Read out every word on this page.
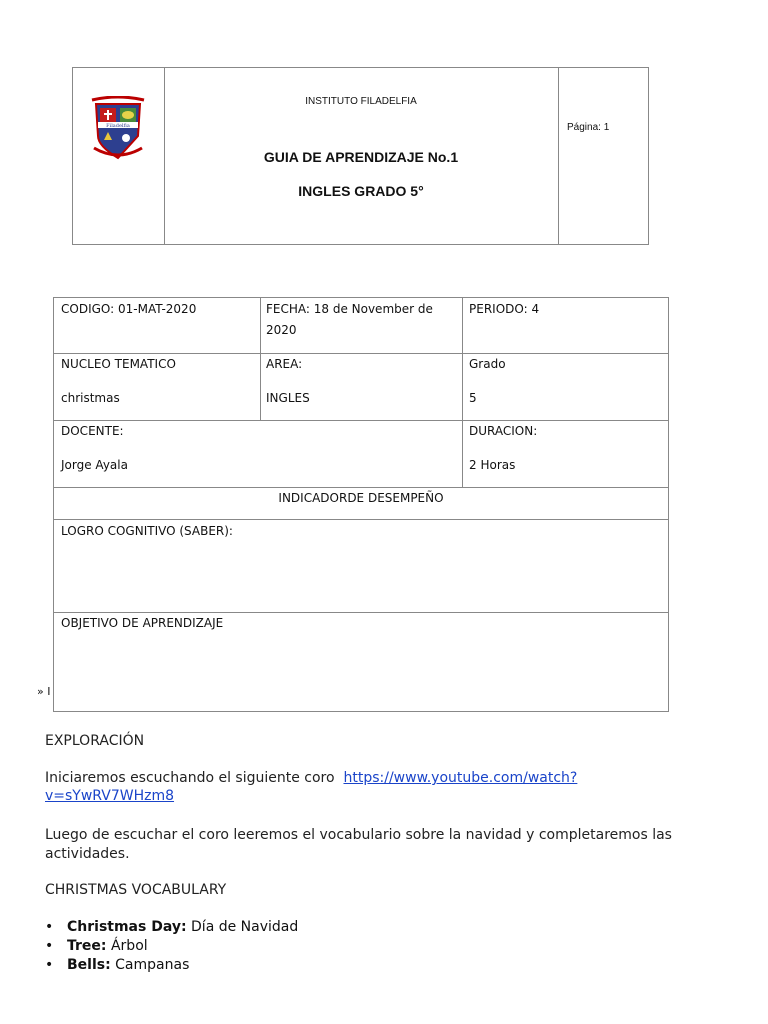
Filadelfia
INSTITUTO FILADELFIA
GUIA DE APRENDIZAJE No.1
INGLES GRADO 5°
Página: 1
CODIGO: 01-MAT-2020	FECHA: 18 de November de
2020
PERIODO: 4
NUCLEO TEMATICO
christmas
AREA:
INGLES
Grado
5
DOCENTE:
Jorge Ayala
DURACION:
2 Horas
INDICADORDE DESEMPEÑO
LOGRO COGNITIVO (SABER):
OBJETIVO DE APRENDIZAJE
» I
EXPLORACIÓN
Iniciaremos escuchando el siguiente coro https://www.youtube.com/watch?
v=sYwRV7WHzm8
Luego de escuchar el coro leeremos el vocabulario sobre la navidad y completaremos las
actividades.
CHRISTMAS VOCABULARY
• Christmas Day: Día de Navidad
• Tree: Árbol
• Bells: Campanas
